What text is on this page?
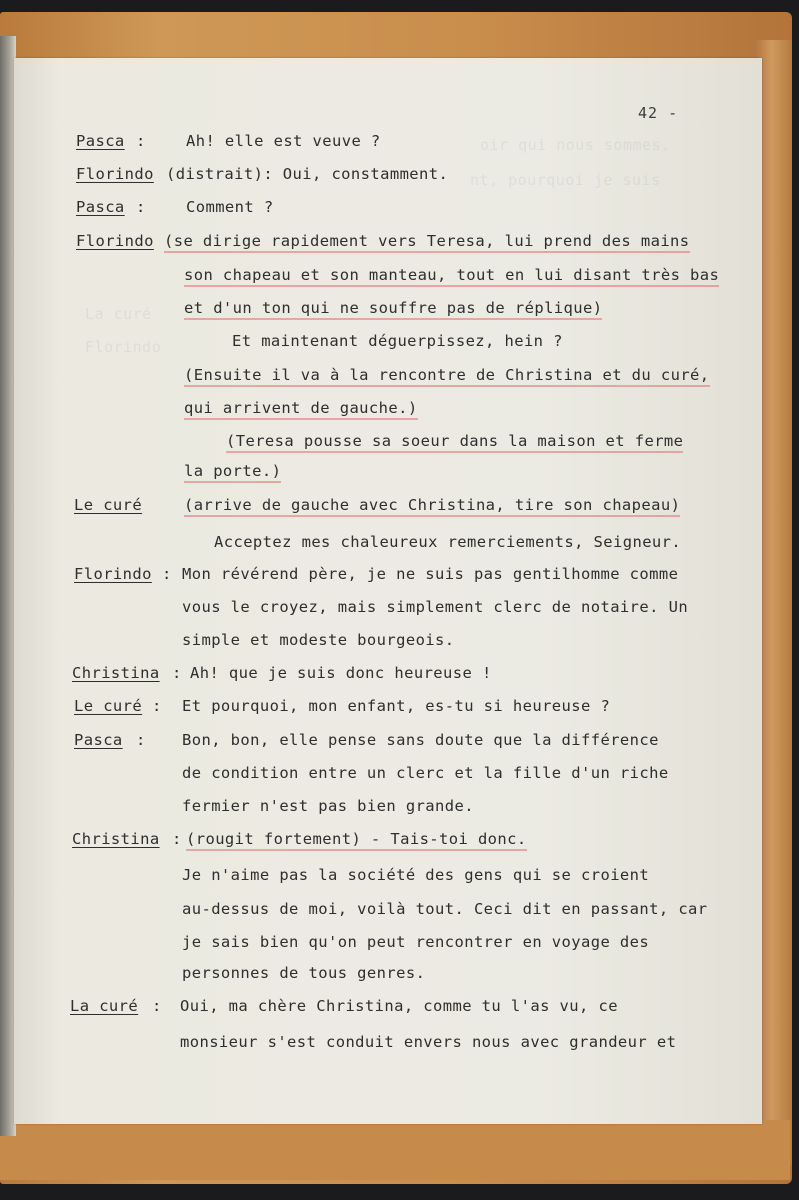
oir qui nous sommes.
nt, pourquoi je suis
La curé
Florindo
42 -
Pasca :	Ah! elle est veuve ?
Florindo (distrait): Oui, constamment.
Pasca :	Comment ?
Florindo (se dirige rapidement vers Teresa, lui prend des mains
son chapeau et son manteau, tout en lui disant très bas
et d'un ton qui ne souffre pas de réplique)
Et maintenant déguerpissez, hein ?
(Ensuite il va à la rencontre de Christina et du curé,
qui arrivent de gauche.)
(Teresa pousse sa soeur dans la maison et ferme
la porte.)
Le curé	(arrive de gauche avec Christina, tire son chapeau)
Acceptez mes chaleureux remerciements, Seigneur.
Florindo : Mon révérend père, je ne suis pas gentilhomme comme
vous le croyez, mais simplement clerc de notaire. Un
simple et modeste bourgeois.
Christina : Ah! que je suis donc heureuse !
Le curé : Et pourquoi, mon enfant, es-tu si heureuse ?
Pasca : Bon, bon, elle pense sans doute que la différence
de condition entre un clerc et la fille d'un riche
fermier n'est pas bien grande.
Christina : (rougit fortement) - Tais-toi donc.
Je n'aime pas la société des gens qui se croient
au-dessus de moi, voilà tout. Ceci dit en passant, car
je sais bien qu'on peut rencontrer en voyage des
personnes de tous genres.
La curé : Oui, ma chère Christina, comme tu l'as vu, ce
monsieur s'est conduit envers nous avec grandeur et
